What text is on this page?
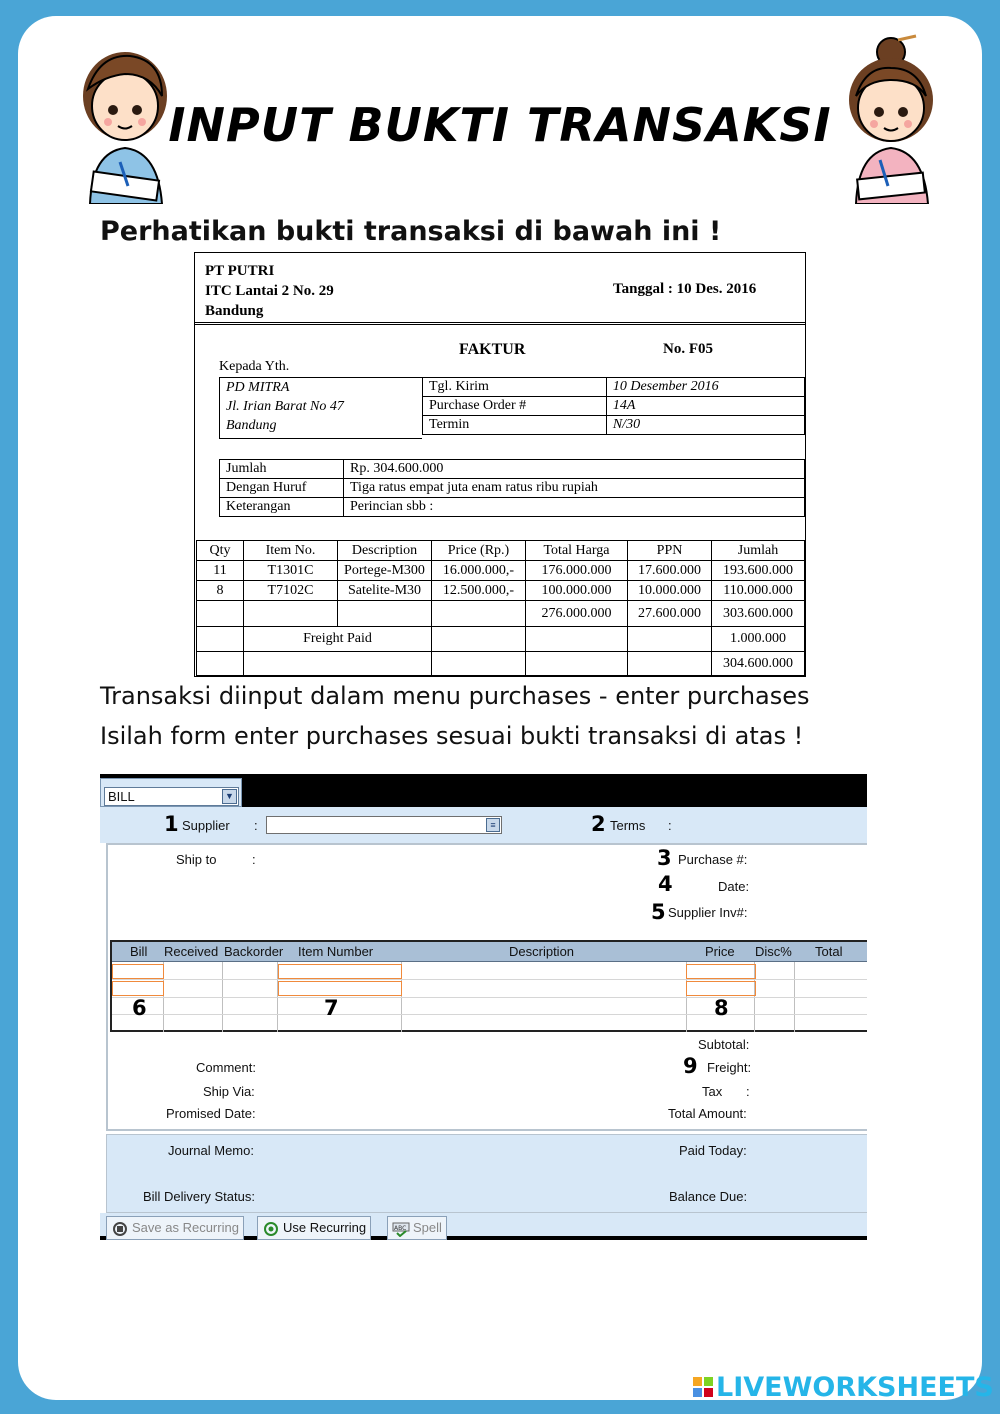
INPUT BUKTI TRANSAKSI
Perhatikan bukti transaksi di bawah ini !
PT PUTRI
ITC Lantai 2 No. 29
Bandung
Tanggal : 10 Des. 2016
FAKTUR	No. F05
Kepada Yth.
PD MITRA
Jl. Irian Barat No 47
Bandung
Tgl. Kirim	10 Desember 2016
Purchase Order #	14A
Termin	N/30
Jumlah	Rp. 304.600.000
Dengan Huruf	Tiga ratus empat juta enam ratus ribu rupiah
Keterangan	Perincian sbb :
Qty	Item No.	Description	Price (Rp.)	Total Harga	PPN	Jumlah
11	T1301C	Portege-M300	16.000.000,-	176.000.000	17.600.000	193.600.000
8	T7102C	Satelite-M30	12.500.000,-	100.000.000	10.000.000	110.000.000
				276.000.000	27.600.000	303.600.000
	Freight Paid					1.000.000
						304.600.000
Transaksi diinput dalam menu purchases - enter purchases
Isilah form enter purchases sesuai bukti transaksi di atas !
BILL	▼
1 Supplier :	≡	2 Terms :
Ship to	:	3 Purchase #:
4	Date:
5 Supplier Inv#:
Bill Received Backorder Item Number	Description	Price Disc% Total
6	7	8
Subtotal:
Comment:	9 Freight:
Ship Via:	Tax :
Promised Date:	Total Amount:
Journal Memo:	Paid Today:
Bill Delivery Status:	Balance Due:
Save as Recurring	Use Recurring	ABC Spell
LIVEWORKSHEETS
